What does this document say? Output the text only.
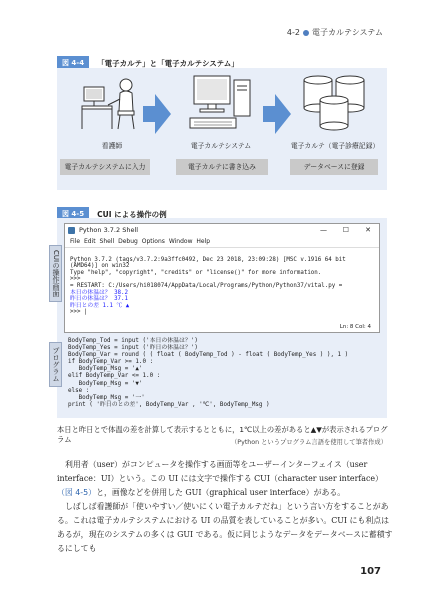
4-2 電子カルテシステム
図 4-4	「電子カルテ」と「電子カルテシステム」
看護師	電子カルテシステム	電子カルテ（電子診療記録）
電子カルテシステムに入力	電子カルテに書き込み	データベースに登録
図 4-5	CUI による操作の例
CUIの操作画面
プログラム
Python 3.7.2 Shell	— ☐ ✕
File Edit Shell Debug Options Window Help

Python 3.7.2 (tags/v3.7.2:9a3ffc0492, Dec 23 2018, 23:09:28) [MSC v.1916 64 bit
(AMD64)] on win32
Type "help", "copyright", "credits" or "license()" for more information.
>>>
= RESTART: C:/Users/hi018074/AppData/Local/Programs/Python/Python37/vital.py =
本日の体温は？ 38.2
昨日の体温は？ 37.1
昨日との差 1.1 ℃ ▲
>>> |
Ln: 8 Col: 4
BodyTemp_Tod = input ('本日の体温は？')
BodyTemp_Yes = input ('昨日の体温は？')
BodyTemp_Var = round ( ( float ( BodyTemp_Tod ) - float ( BodyTemp_Yes ) ), 1 )
if BodyTemp_Var >= 1.0 :
BodyTemp_Msg = '▲'
elif BodyTemp_Var <= 1.0 :
BodyTemp_Msg = '▼'
else :
BodyTemp_Msg = '一'
print ( '昨日のとの差', BodyTemp_Var , '℃', BodyTemp_Msg )
本日と昨日とで体温の差を計算して表示するとともに，1℃以上の差があると▲▼が表示されるプログラム	（Python というプログラム言語を使用して筆者作成）

利用者（user）がコンピュータを操作する画面等をユーザーインターフェイス（user interface：UI）という。この UI には文字で操作する CUI（character user interface）（図 4-5）と，画像などを併用した GUI（graphical user interface）がある。

しばしば看護師が「使いやすい／使いにくい電子カルテだね」という言い方をすることがある。これは電子カルテシステムにおける UI の品質を表していることが多い。CUI にも利点はあるが，現在のシステムの多くは GUI である。仮に同じようなデータをデータベースに蓄積するにしても

107
